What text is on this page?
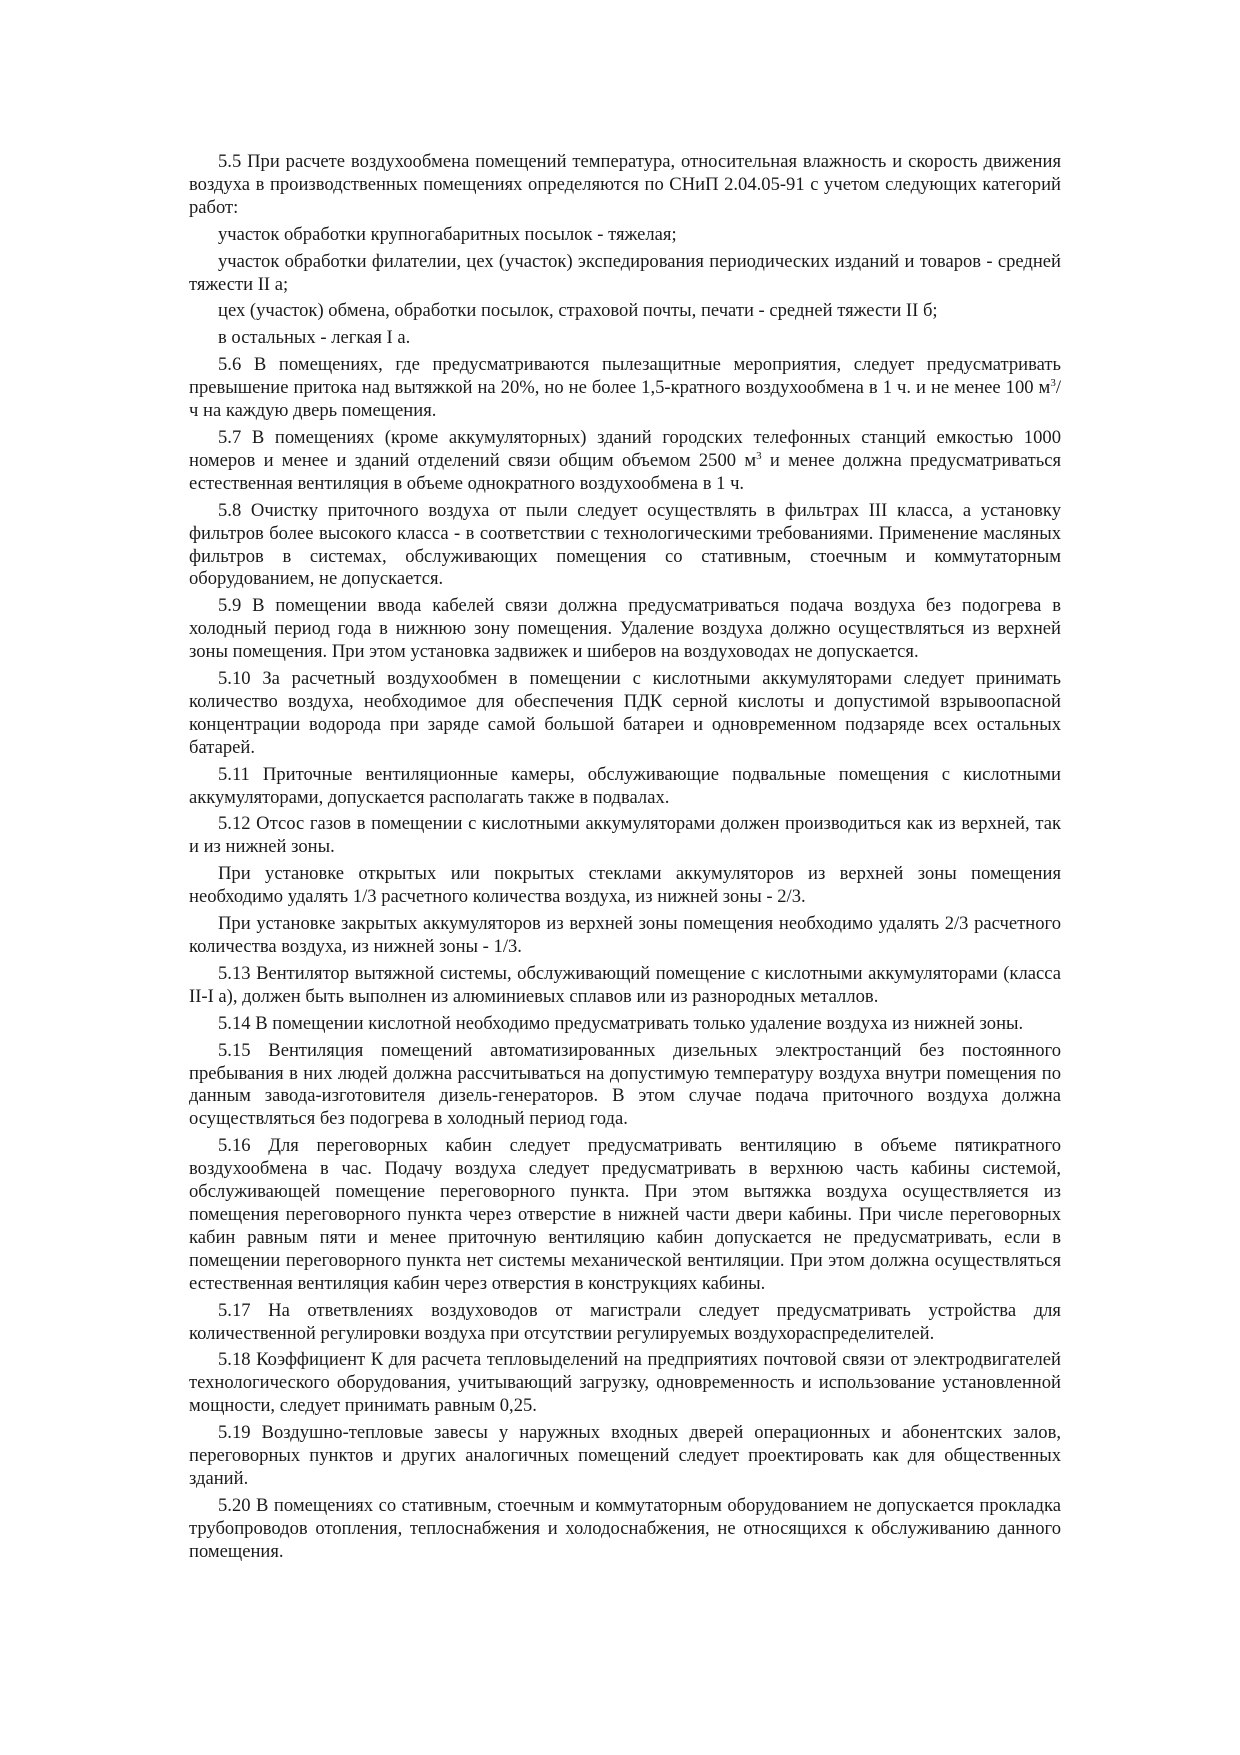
5.5 При расчете воздухообмена помещений температура, относительная влажность и скорость движения воздуха в производственных помещениях определяются по СНиП 2.04.05-91 с учетом следующих категорий работ:

участок обработки крупногабаритных посылок - тяжелая;

участок обработки филателии, цех (участок) экспедирования периодических изданий и товаров - средней тяжести II а;

цех (участок) обмена, обработки посылок, страховой почты, печати - средней тяжести II б;

в остальных - легкая I а.

5.6 В помещениях, где предусматриваются пылезащитные мероприятия, следует предусматривать превышение притока над вытяжкой на 20%, но не более 1,5-кратного воздухообмена в 1 ч. и не менее 100 $м^3/ч$ на каждую дверь помещения.

5.7 В помещениях (кроме аккумуляторных) зданий городских телефонных станций емкостью 1000 номеров и менее и зданий отделений связи общим объемом 2500 $м^3$ и менее должна предусматриваться естественная вентиляция в объеме однократного воздухообмена в 1 ч.

5.8 Очистку приточного воздуха от пыли следует осуществлять в фильтрах III класса, а установку фильтров более высокого класса - в соответствии с технологическими требованиями. Применение масляных фильтров в системах, обслуживающих помещения со стативным, стоечным и коммутаторным оборудованием, не допускается.

5.9 В помещении ввода кабелей связи должна предусматриваться подача воздуха без подогрева в холодный период года в нижнюю зону помещения. Удаление воздуха должно осуществляться из верхней зоны помещения. При этом установка задвижек и шиберов на воздуховодах не допускается.

5.10 За расчетный воздухообмен в помещении с кислотными аккумуляторами следует принимать количество воздуха, необходимое для обеспечения ПДК серной кислоты и допустимой взрывоопасной концентрации водорода при заряде самой большой батареи и одновременном подзаряде всех остальных батарей.

5.11 Приточные вентиляционные камеры, обслуживающие подвальные помещения с кислотными аккумуляторами, допускается располагать также в подвалах.

5.12 Отсос газов в помещении с кислотными аккумуляторами должен производиться как из верхней, так и из нижней зоны.

При установке открытых или покрытых стеклами аккумуляторов из верхней зоны помещения необходимо удалять 1/3 расчетного количества воздуха, из нижней зоны - 2/3.

При установке закрытых аккумуляторов из верхней зоны помещения необходимо удалять 2/3 расчетного количества воздуха, из нижней зоны - 1/3.

5.13 Вентилятор вытяжной системы, обслуживающий помещение с кислотными аккумуляторами (класса II-I а), должен быть выполнен из алюминиевых сплавов или из разнородных металлов.

5.14 В помещении кислотной необходимо предусматривать только удаление воздуха из нижней зоны.

5.15 Вентиляция помещений автоматизированных дизельных электростанций без постоянного пребывания в них людей должна рассчитываться на допустимую температуру воздуха внутри помещения по данным завода-изготовителя дизель-генераторов. В этом случае подача приточного воздуха должна осуществляться без подогрева в холодный период года.

5.16 Для переговорных кабин следует предусматривать вентиляцию в объеме пятикратного воздухообмена в час. Подачу воздуха следует предусматривать в верхнюю часть кабины системой, обслуживающей помещение переговорного пункта. При этом вытяжка воздуха осуществляется из помещения переговорного пункта через отверстие в нижней части двери кабины. При числе переговорных кабин равным пяти и менее приточную вентиляцию кабин допускается не предусматривать, если в помещении переговорного пункта нет системы механической вентиляции. При этом должна осуществляться естественная вентиляция кабин через отверстия в конструкциях кабины.

5.17 На ответвлениях воздуховодов от магистрали следует предусматривать устройства для количественной регулировки воздуха при отсутствии регулируемых воздухораспределителей.

5.18 Коэффициент К для расчета тепловыделений на предприятиях почтовой связи от электродвигателей технологического оборудования, учитывающий загрузку, одновременность и использование установленной мощности, следует принимать равным 0,25.

5.19 Воздушно-тепловые завесы у наружных входных дверей операционных и абонентских залов, переговорных пунктов и других аналогичных помещений следует проектировать как для общественных зданий.

5.20 В помещениях со стативным, стоечным и коммутаторным оборудованием не допускается прокладка трубопроводов отопления, теплоснабжения и холодоснабжения, не относящихся к обслуживанию данного помещения.
